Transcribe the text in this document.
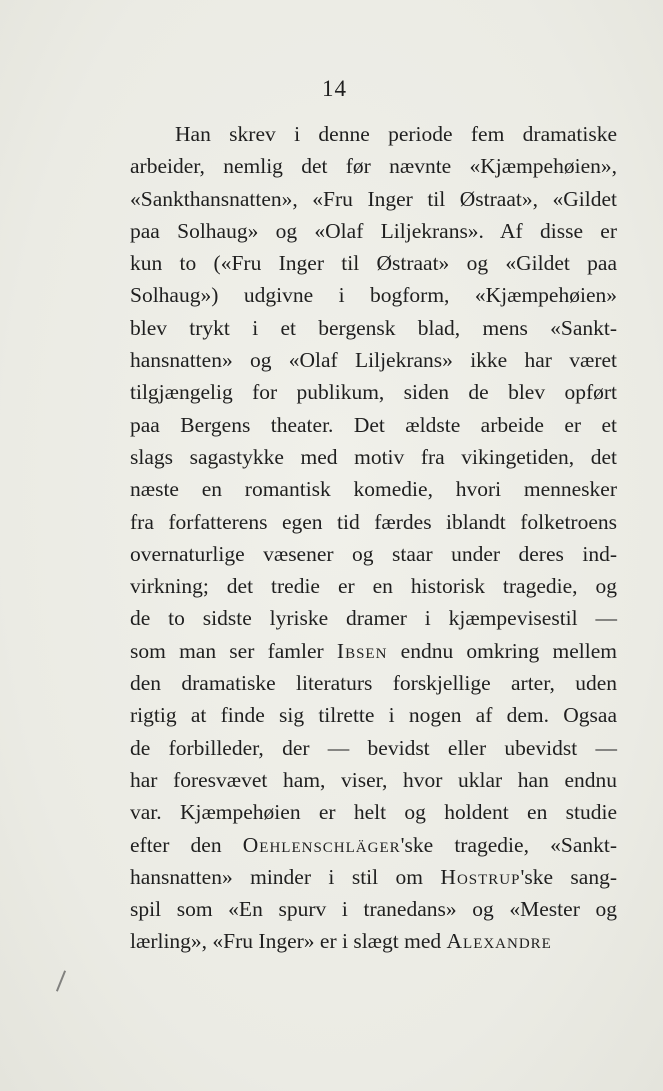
14
Han skrev i denne periode fem dramatiske
arbeider, nemlig det før nævnte «Kjæmpehøien»,
«Sankthansnatten», «Fru Inger til Østraat», «Gildet
paa Solhaug» og «Olaf Liljekrans». Af disse er
kun to («Fru Inger til Østraat» og «Gildet paa
Solhaug») udgivne i bogform, «Kjæmpehøien»
blev trykt i et bergensk blad, mens «Sankt-
hansnatten» og «Olaf Liljekrans» ikke har været
tilgjængelig for publikum, siden de blev opført
paa Bergens theater. Det ældste arbeide er et
slags sagastykke med motiv fra vikingetiden, det
næste en romantisk komedie, hvori mennesker
fra forfatterens egen tid færdes iblandt folketroens
overnaturlige væsener og staar under deres ind-
virkning; det tredie er en historisk tragedie, og
de to sidste lyriske dramer i kjæmpevisestil —
som man ser famler Ibsen endnu omkring mellem
den dramatiske literaturs forskjellige arter, uden
rigtig at finde sig tilrette i nogen af dem. Ogsaa
de forbilleder, der — bevidst eller ubevidst —
har foresvævet ham, viser, hvor uklar han endnu
var. Kjæmpehøien er helt og holdent en studie
efter den Oehlenschläger'ske tragedie, «Sankt-
hansnatten» minder i stil om Hostrup'ske sang-
spil som «En spurv i tranedans» og «Mester og
lærling», «Fru Inger» er i slægt med Alexandre
